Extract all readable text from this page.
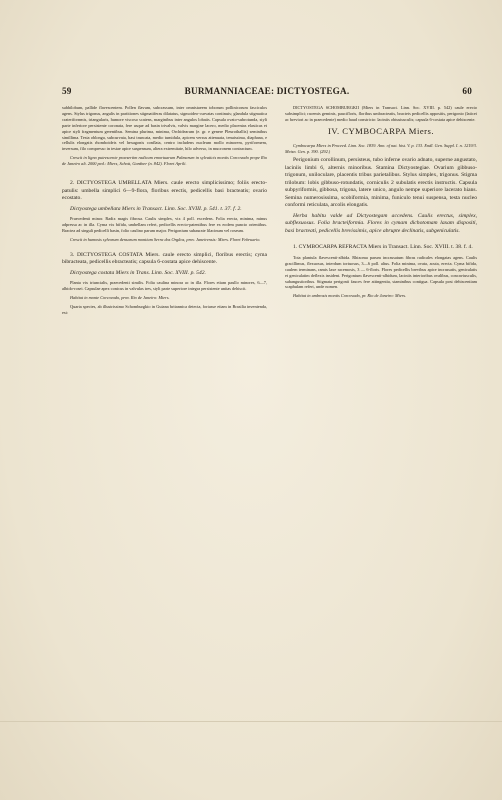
59	BURMANNIACEAE: DICTYOSTEGA.	60

subbilobum, pallide flavescentem. Pollen flavum, subcrassum, inter omnistaeem toborum pollinicorum fasciculos agens. Stylus trigonus, angulis in partitiones stigmatiferas dilatatus, sigmoideo-curvatas continuis; glandula stigmatica craterifornmis, triangularis, humore viscoso scatens, marginibus inter angulos lobatis. Capsula ovato-subrotunda, styli parte inferiore persistente coronata, fere usque ad basin trivalvis, valvis margine lacero, medio placentas elasticas et apice styli fragmentum gerentibus. Semina plurima, minima, Orchidearum (e. gr. e genere Pleurothallis) seminibus simillima. Testa oblonga, subcurvata, basi truncata, medio tumidula, apicem versus attenuata, tenuissima, diaphana, e cellulis elongatis rhomboideis vel hexagonis conflata, centro includens nucleum mollo minorem, pyriformem, inversum, filo compresso in testae apice suspensum, altera extremitate, hilo adverso, in mucronem contractum.

Crescit in ligno putrescente praesertim radicum emortuarum Palmarum in sylvaticis montis Corcovado prope Rio de Janeiro alt. 2000 ped.: Miers, Schott, Gardner (n. 842). Floret Aprili.

2. DICTYOSTEGA UMBELLATA Miers. caule erecto simplicissimo; foliis erecto-patulis: umbella simplici 6—9-flora, floribus erectis, pedicellis basi bracteatis; ovario ecostato.

Dictyostega umbellata Miers in Transact. Linn. Soc. XVIII. p. 541. t. 37. f. 2.

Praecedenti minor. Radix magis fibrosa. Caulis simplex, vix 4 poll. excedens. Folia erecta, minima, minus adpressa ac in illa. Cyma vix bifida, umbellam refert, pedicellis erecto-patentibus fere ex eodem puncto orientibus. Bractea ad singuli pedicelli basin, folio caulino parum major. Perigonium subaurate lilacinum vel roseum.

Crescit in humosis sylvarum densarum montium Serra dos Orgãos, prov. Janeirensis: Miers. Floret Februario.

3. DICTYOSTEGA COSTATA Miers. caule erecto simplici, floribus erectis; cyma bibracteata, pedicellis ebracteatis; capsula 6-costata apice dehiscente.

Dictyostega costata Miers in Trans. Linn. Soc. XVIII. p. 542.

Planta vix triuncialis, praecedenti similis. Folia caulina minora ac in illa. Flores etiam paullo minores, 6—7, albido-rosei. Capsulae apex conicus in valvulas tres, styli parte superiore integra persistente unitas dehiscit.

Habitat in monte Corcovado, prov. Rio de Janeiro: Miers.

Quarta species, ab illustrissimo Schomburgkio in Guiana britannica detecta, fortasse etiam in Brasilia invenienda, est:

DICTYOSTEGA SCHOMBURGKII (Miers in Transact. Linn. Soc. XVIII. p. 542) caule erecto subsimplici; racemis geminis, paucifloris, floribus umbracteatis, bracteis pedicellis appositis, perigonio (laticei ac breviori ac in praecedente) medio haud constricto: laciniis obtusiusculis; capsula 6-costata apice dehiscente.

IV. CYMBOCARPA Miers.

Cymbocarpa Miers in Proceed. Linn. Soc. 1839. Ann. of nat. hist. V. p. 133. Endl. Gen. Suppl. I. n. 1219/3. Meisn. Gen. p. 390. (292.)

Perigonium corollinum, persisteus, tubo inferne ovario adnato, superne angustato, laciniis limbi 6, alternis minoribus. Stamina Dictyostegiae. Ovarium gibbuso-trigonum, uniloculare, placentis tribus parietalibus. Stylus simplex, trigonus. Stigma trilobum: lobis gibbuso-rotundatis, corniculis 2 subulatis erectis instructis. Capsula subpyriformis, gibbosa, trigona, latere unico, angulo nempe superiore lacerato hians. Semina numerosissima, scobiformia, minima, funiculo tenui suspensa, testa nucleo conformi reticulata, arcolis elongatis.

Herba habitu valde ad Dictyostegam accedens. Caulis erectus, simplex, subflexuosus. Folia bracteiformia. Flores in cymam dichotomam laxam dispositi, basi bracteati, pedicellis brevissimis, apice abrupte declinatis, subgeniculatis.

1. CYMBOCARPA REFRACTA Miers in Transact. Linn. Soc. XVIII. t. 38. f. 4.

Tota plantula flavescenti-albida. Rhizoma parum incrassatum fibras radicales elongatas agens. Caulis gracillimus, flexuosus, interdum tortuosus, 3—6 poll. altus. Folia minima, ovata, acuta, erecta. Cyma bifida, caulem terminans, ramis laxe racemosis, 3 — 6-floris. Flores pedicellis brevibus apice incrassatis, geniculatis et geniculatim deflexis insident. Perigonium flavescenti-albidum, laciniis interioribus ovalibus, concaviusculis, subangustioribus. Stigmata perigonii fauces fere attingentia, staminibus contigua. Capsula post dehiscentiam scaphulam refert, unde nomen.

Habitat in umbrosis montis Corcovado, pr. Rio de Janeiro: Miers.
